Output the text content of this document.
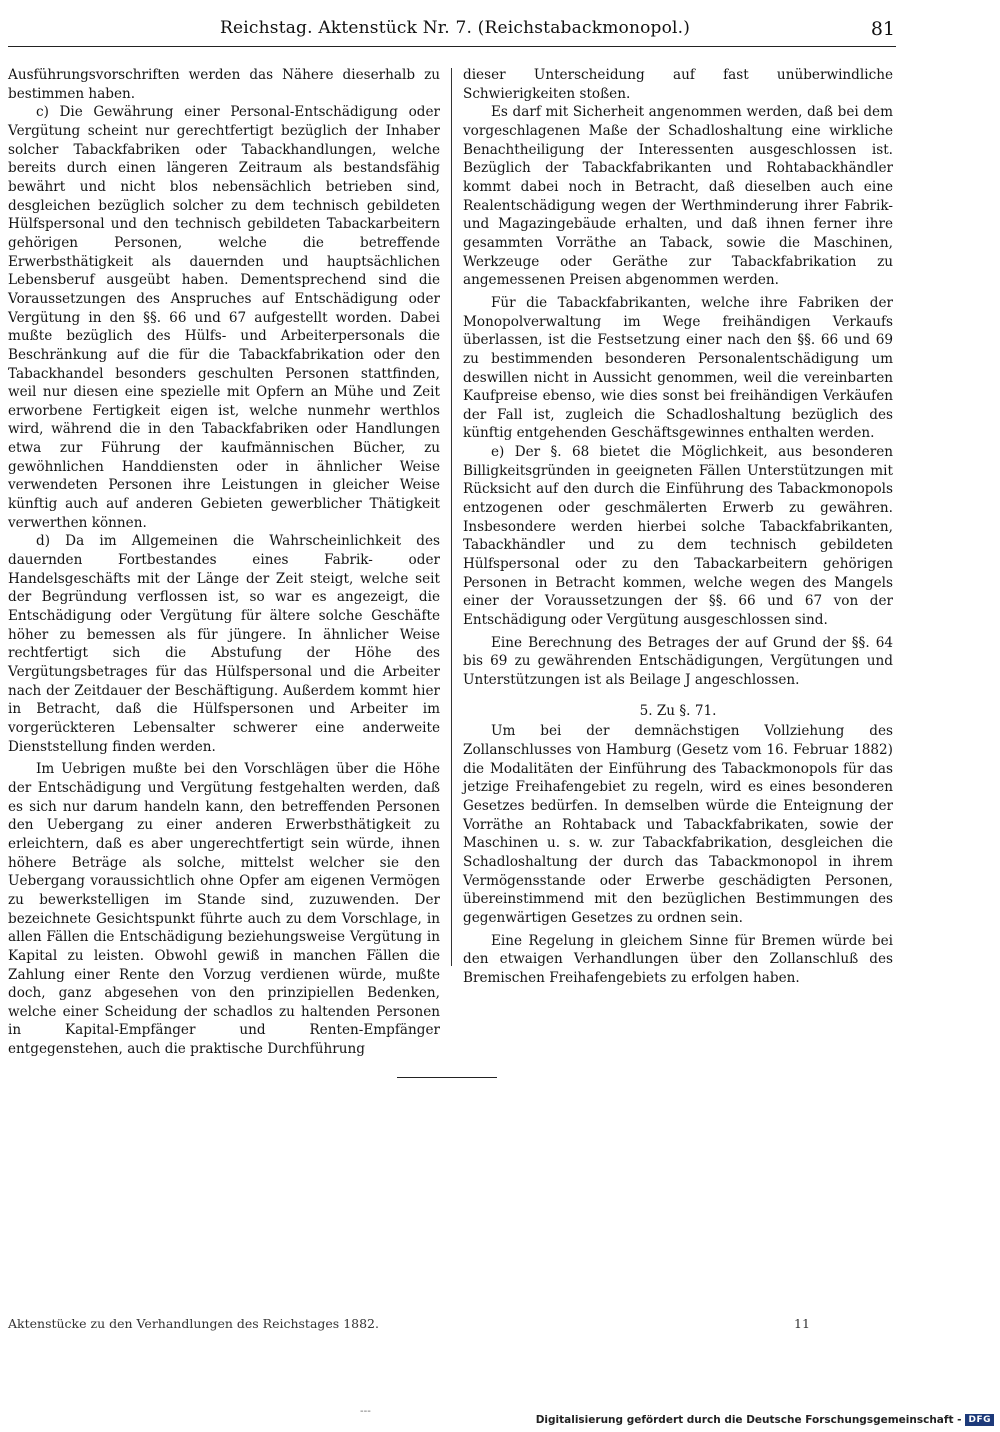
Reichstag. Aktenstück Nr. 7. (Reichstabackmonopol.)	81

Ausführungsvorschriften werden das Nähere dieserhalb zu bestimmen haben.

c) Die Gewährung einer Personal-Entschädigung oder Vergütung scheint nur gerechtfertigt bezüglich der Inhaber solcher Tabackfabriken oder Tabackhandlungen, welche bereits durch einen längeren Zeitraum als bestandsfähig bewährt und nicht blos nebensächlich betrieben sind, desgleichen bezüglich solcher zu dem technisch gebildeten Hülfspersonal und den technisch gebildeten Tabackarbeitern gehörigen Personen, welche die betreffende Erwerbsthätigkeit als dauernden und hauptsächlichen Lebensberuf ausgeübt haben. Dementsprechend sind die Voraussetzungen des Anspruches auf Entschädigung oder Vergütung in den §§. 66 und 67 aufgestellt worden. Dabei mußte bezüglich des Hülfs- und Arbeiterpersonals die Beschränkung auf die für die Tabackfabrikation oder den Tabackhandel besonders geschulten Personen stattfinden, weil nur diesen eine spezielle mit Opfern an Mühe und Zeit erworbene Fertigkeit eigen ist, welche nunmehr werthlos wird, während die in den Tabackfabriken oder Handlungen etwa zur Führung der kaufmännischen Bücher, zu gewöhnlichen Handdiensten oder in ähnlicher Weise verwendeten Personen ihre Leistungen in gleicher Weise künftig auch auf anderen Gebieten gewerblicher Thätigkeit verwerthen können.

d) Da im Allgemeinen die Wahrscheinlichkeit des dauernden Fortbestandes eines Fabrik- oder Handelsgeschäfts mit der Länge der Zeit steigt, welche seit der Begründung verflossen ist, so war es angezeigt, die Entschädigung oder Vergütung für ältere solche Geschäfte höher zu bemessen als für jüngere. In ähnlicher Weise rechtfertigt sich die Abstufung der Höhe des Vergütungsbetrages für das Hülfspersonal und die Arbeiter nach der Zeitdauer der Beschäftigung. Außerdem kommt hier in Betracht, daß die Hülfspersonen und Arbeiter im vorgerückteren Lebensalter schwerer eine anderweite Dienststellung finden werden.

Im Uebrigen mußte bei den Vorschlägen über die Höhe der Entschädigung und Vergütung festgehalten werden, daß es sich nur darum handeln kann, den betreffenden Personen den Uebergang zu einer anderen Erwerbsthätigkeit zu erleichtern, daß es aber ungerechtfertigt sein würde, ihnen höhere Beträge als solche, mittelst welcher sie den Uebergang voraussichtlich ohne Opfer am eigenen Vermögen zu bewerkstelligen im Stande sind, zuzuwenden. Der bezeichnete Gesichtspunkt führte auch zu dem Vorschlage, in allen Fällen die Entschädigung beziehungsweise Vergütung in Kapital zu leisten. Obwohl gewiß in manchen Fällen die Zahlung einer Rente den Vorzug verdienen würde, mußte doch, ganz abgesehen von den prinzipiellen Bedenken, welche einer Scheidung der schadlos zu haltenden Personen in Kapital-Empfänger und Renten-Empfänger entgegenstehen, auch die praktische Durchführung

dieser Unterscheidung auf fast unüberwindliche Schwierigkeiten stoßen.

Es darf mit Sicherheit angenommen werden, daß bei dem vorgeschlagenen Maße der Schadloshaltung eine wirkliche Benachtheiligung der Interessenten ausgeschlossen ist. Bezüglich der Tabackfabrikanten und Rohtabackhändler kommt dabei noch in Betracht, daß dieselben auch eine Realentschädigung wegen der Werthminderung ihrer Fabrik- und Magazingebäude erhalten, und daß ihnen ferner ihre gesammten Vorräthe an Taback, sowie die Maschinen, Werkzeuge oder Geräthe zur Tabackfabrikation zu angemessenen Preisen abgenommen werden.

Für die Tabackfabrikanten, welche ihre Fabriken der Monopolverwaltung im Wege freihändigen Verkaufs überlassen, ist die Festsetzung einer nach den §§. 66 und 69 zu bestimmenden besonderen Personalentschädigung um deswillen nicht in Aussicht genommen, weil die vereinbarten Kaufpreise ebenso, wie dies sonst bei freihändigen Verkäufen der Fall ist, zugleich die Schadloshaltung bezüglich des künftig entgehenden Geschäftsgewinnes enthalten werden.

e) Der §. 68 bietet die Möglichkeit, aus besonderen Billigkeitsgründen in geeigneten Fällen Unterstützungen mit Rücksicht auf den durch die Einführung des Tabackmonopols entzogenen oder geschmälerten Erwerb zu gewähren. Insbesondere werden hierbei solche Tabackfabrikanten, Tabackhändler und zu dem technisch gebildeten Hülfspersonal oder zu den Tabackarbeitern gehörigen Personen in Betracht kommen, welche wegen des Mangels einer der Voraussetzungen der §§. 66 und 67 von der Entschädigung oder Vergütung ausgeschlossen sind.

Eine Berechnung des Betrages der auf Grund der §§. 64 bis 69 zu gewährenden Entschädigungen, Vergütungen und Unterstützungen ist als Beilage J angeschlossen.

5. Zu §. 71.

Um bei der demnächstigen Vollziehung des Zollanschlusses von Hamburg (Gesetz vom 16. Februar 1882) die Modalitäten der Einführung des Tabackmonopols für das jetzige Freihafengebiet zu regeln, wird es eines besonderen Gesetzes bedürfen. In demselben würde die Enteignung der Vorräthe an Rohtaback und Tabackfabrikaten, sowie der Maschinen u. s. w. zur Tabackfabrikation, desgleichen die Schadloshaltung der durch das Tabackmonopol in ihrem Vermögensstande oder Erwerbe geschädigten Personen, übereinstimmend mit den bezüglichen Bestimmungen des gegenwärtigen Gesetzes zu ordnen sein.

Eine Regelung in gleichem Sinne für Bremen würde bei den etwaigen Verhandlungen über den Zollanschluß des Bremischen Freihafengebiets zu erfolgen haben.

Aktenstücke zu den Verhandlungen des Reichstages 1882.	11
---
Digitalisierung gefördert durch die Deutsche Forschungsgemeinschaft - DFG
